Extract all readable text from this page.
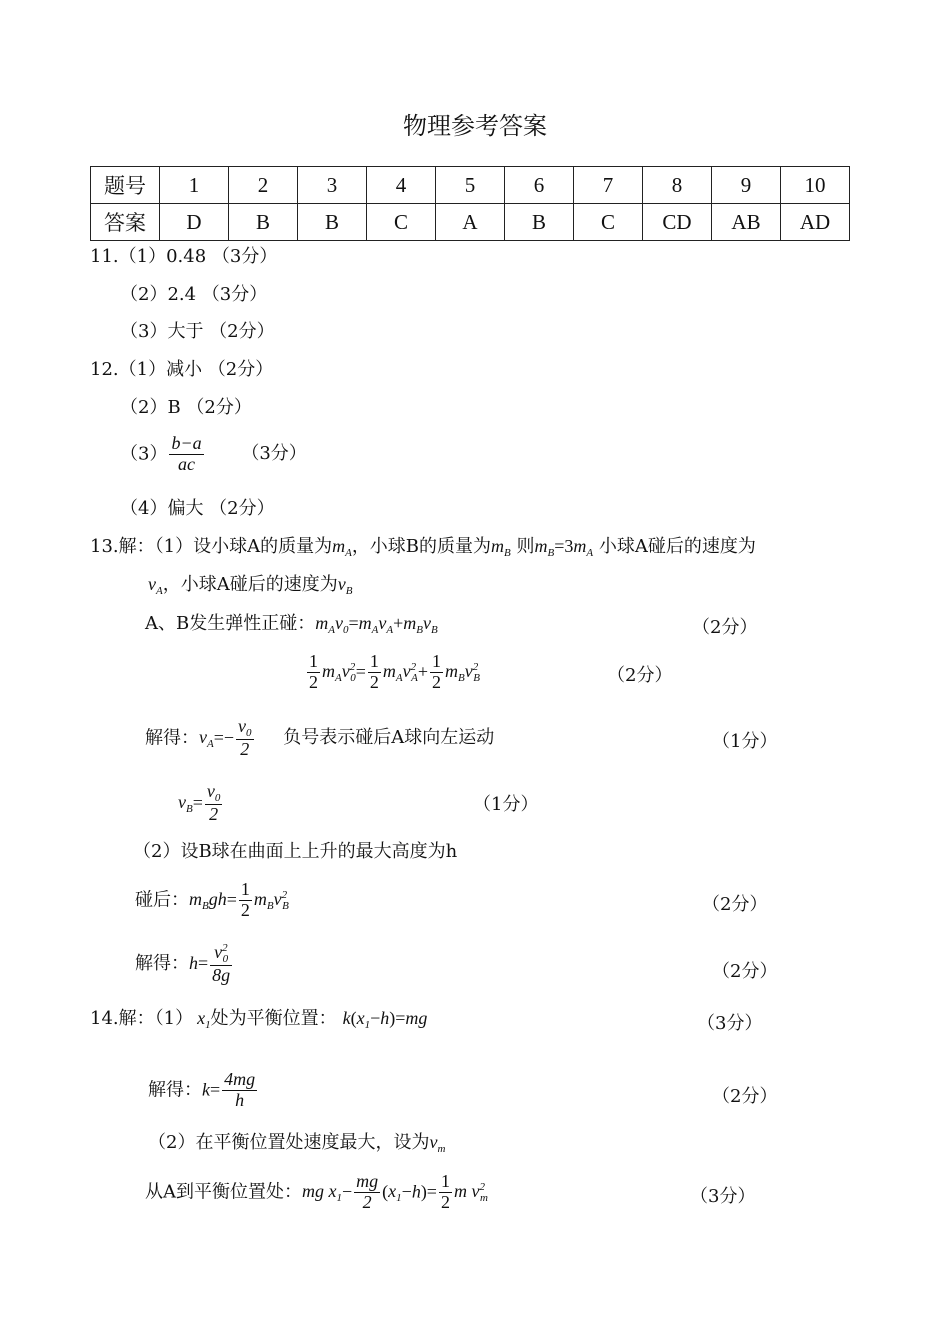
物理参考答案
题号	1	2	3	4	5	6	7	8	9	10
答案	D	B	B	C	A	B	C	CD	AB	AD
11.（1）0.48 （3分）
（2）2.4 （3分）
（3）大于 （2分）
12.（1）减小 （2分）
（2）B （2分）
$(3) \frac{b-a}{ac} (3$分）
（4）偏大 （2分）
13.解：（1）设小球A的质量为$m_A$，小球B的质量为$m_B$ 则$m_B=3m_A$ 小球A碰后的速度为
$v_A$，小球A碰后的速度为$v_B$
A、B发生弹性正碰：$m_Av_0=m_Av_A+m_Bv_B$	（2分）
$\frac{1}{2} m_Av^2_0= \frac{1}{2} m_Av^2_A+ \frac{1}{2} m_Bv^2_B$	（2分）
解得：$v_A=- \frac{v_0}{2}$ 负号表示碰后A球向左运动	（1分）
$v_B= \frac{v_0}{2}$	（1分）
（2）设B球在曲面上上升的最大高度为h
碰后：$m_Bgh= \frac{1}{2} m_Bv^2_B$	（2分）
解得：$h= \frac{v^2_0}{8g}$	（2分）
14.解：（1） $x_1$处为平衡位置： $k(x_1-h)=mg$	（3分）
解得：$k= \frac{4mg}{h}$	（2分）
（2）在平衡位置处速度最大，设为$v_m$
从A到平衡位置处：mg $x_1- \frac{mg}{2} (x_1-h)= \frac{1}{2}$ m $v^2_m$	（3分）
